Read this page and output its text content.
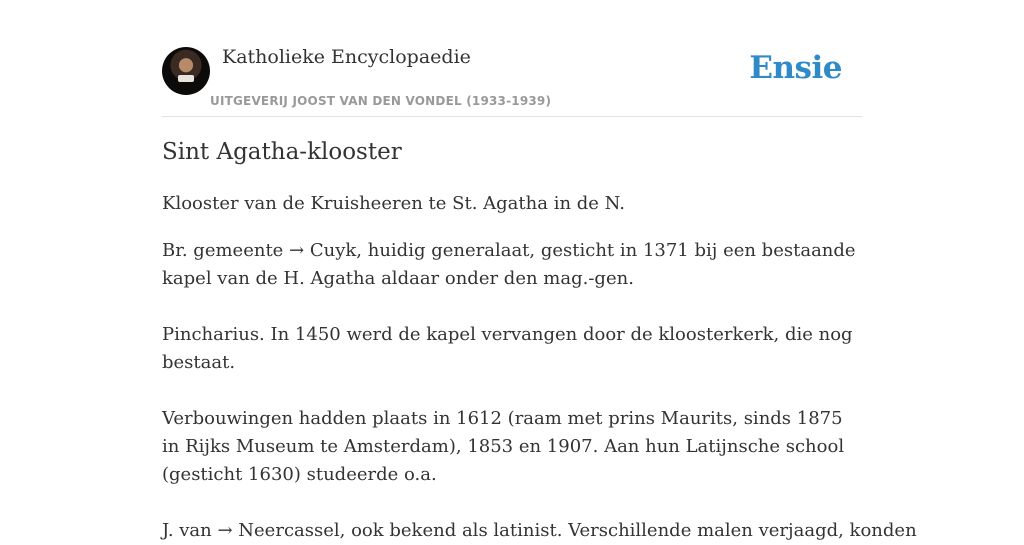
Katholieke Encyclopaedie
UITGEVERIJ JOOST VAN DEN VONDEL (1933-1939)
Ensie
Sint Agatha-klooster

Klooster van de Kruisheeren te St. Agatha in de N.

Br. gemeente → Cuyk, huidig generalaat, gesticht in 1371 bij een bestaande kapel van de H. Agatha aldaar onder den mag.-gen.

Pincharius. In 1450 werd de kapel vervangen door de kloosterkerk, die nog bestaat.

Verbouwingen hadden plaats in 1612 (raam met prins Maurits, sinds 1875 in Rijks Museum te Amsterdam), 1853 en 1907. Aan hun Latijnsche school (gesticht 1630) studeerde o.a.

J. van → Neercassel, ook bekend als latinist. Verschillende malen verjaagd, konden
